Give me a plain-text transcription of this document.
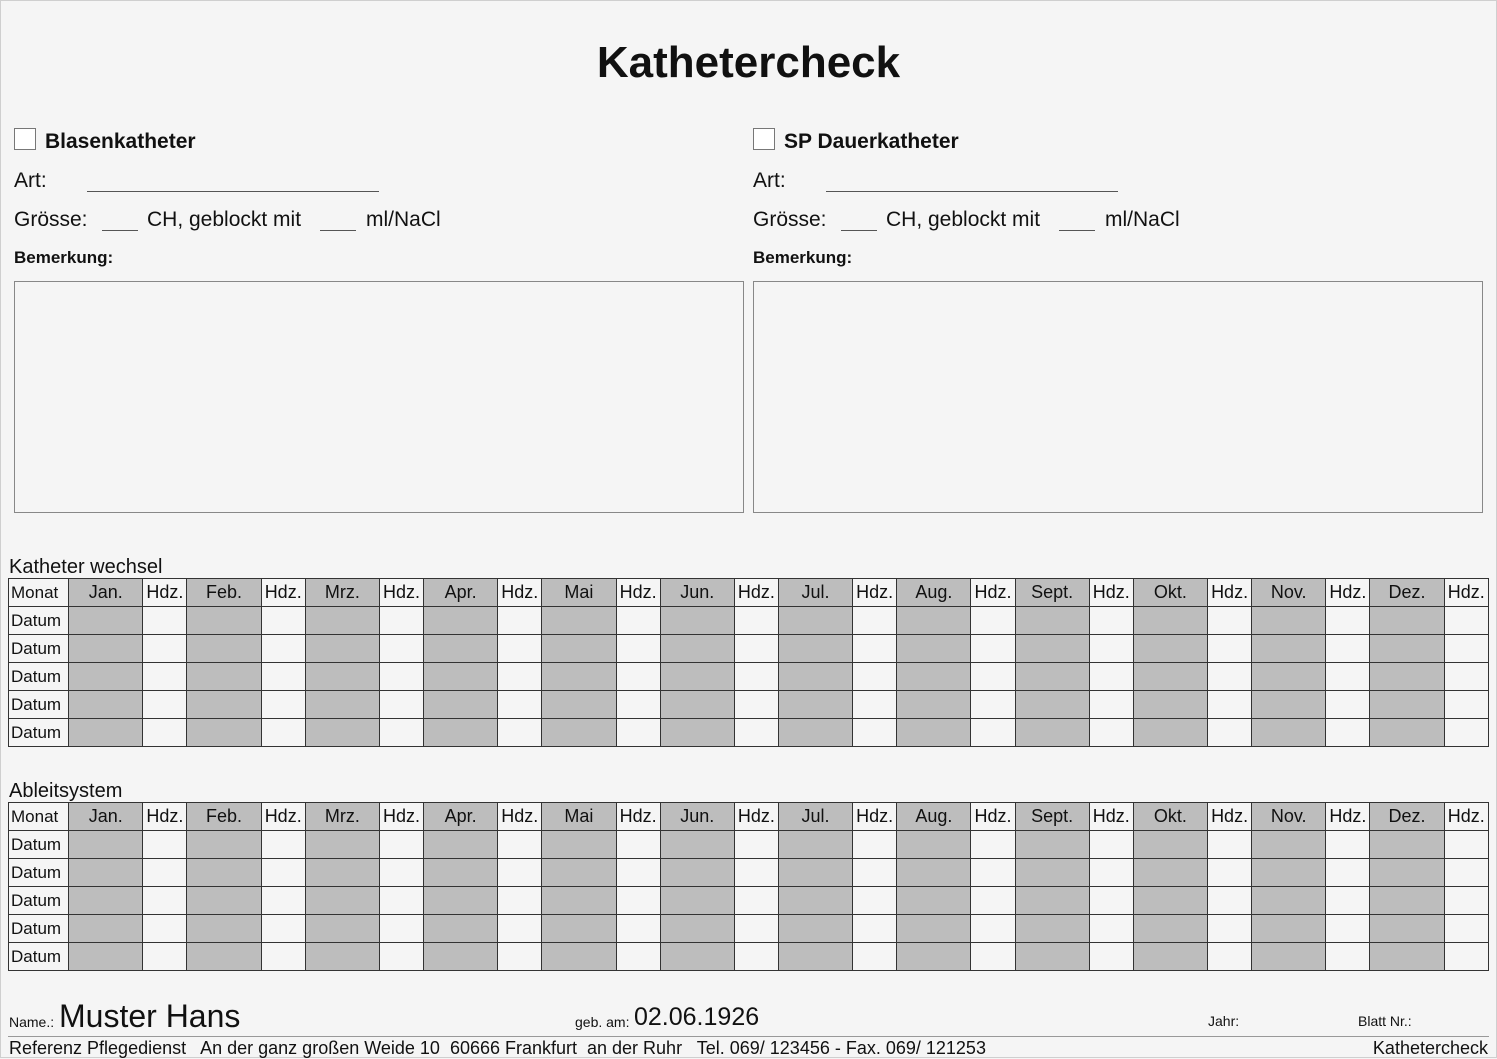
Kathetercheck
Blasenkatheter
Art:
Grösse:	CH, geblockt mit	ml/NaCl
Bemerkung:
SP Dauerkatheter
Art:
Grösse:	CH, geblockt mit	ml/NaCl
Bemerkung:
Katheter wechsel
Monat	Jan.	Hdz.	Feb.	Hdz.	Mrz.	Hdz.	Apr.	Hdz.	Mai	Hdz.	Jun.	Hdz.	Jul.	Hdz.	Aug.	Hdz.	Sept.	Hdz.	Okt.	Hdz.	Nov.	Hdz.	Dez.	Hdz.
Datum																								
Datum																								
Datum																								
Datum																								
Datum																								
Ableitsystem
Monat	Jan.	Hdz.	Feb.	Hdz.	Mrz.	Hdz.	Apr.	Hdz.	Mai	Hdz.	Jun.	Hdz.	Jul.	Hdz.	Aug.	Hdz.	Sept.	Hdz.	Okt.	Hdz.	Nov.	Hdz.	Dez.	Hdz.
Datum																								
Datum																								
Datum																								
Datum																								
Datum																								
Name.: Muster Hans	geb. am: 02.06.1926	Jahr:	Blatt Nr.:
Referenz Pflegedienst   An der ganz großen Weide 10  60666 Frankfurt  an der Ruhr   Tel. 069/ 123456 - Fax. 069/ 121253	Kathetercheck
